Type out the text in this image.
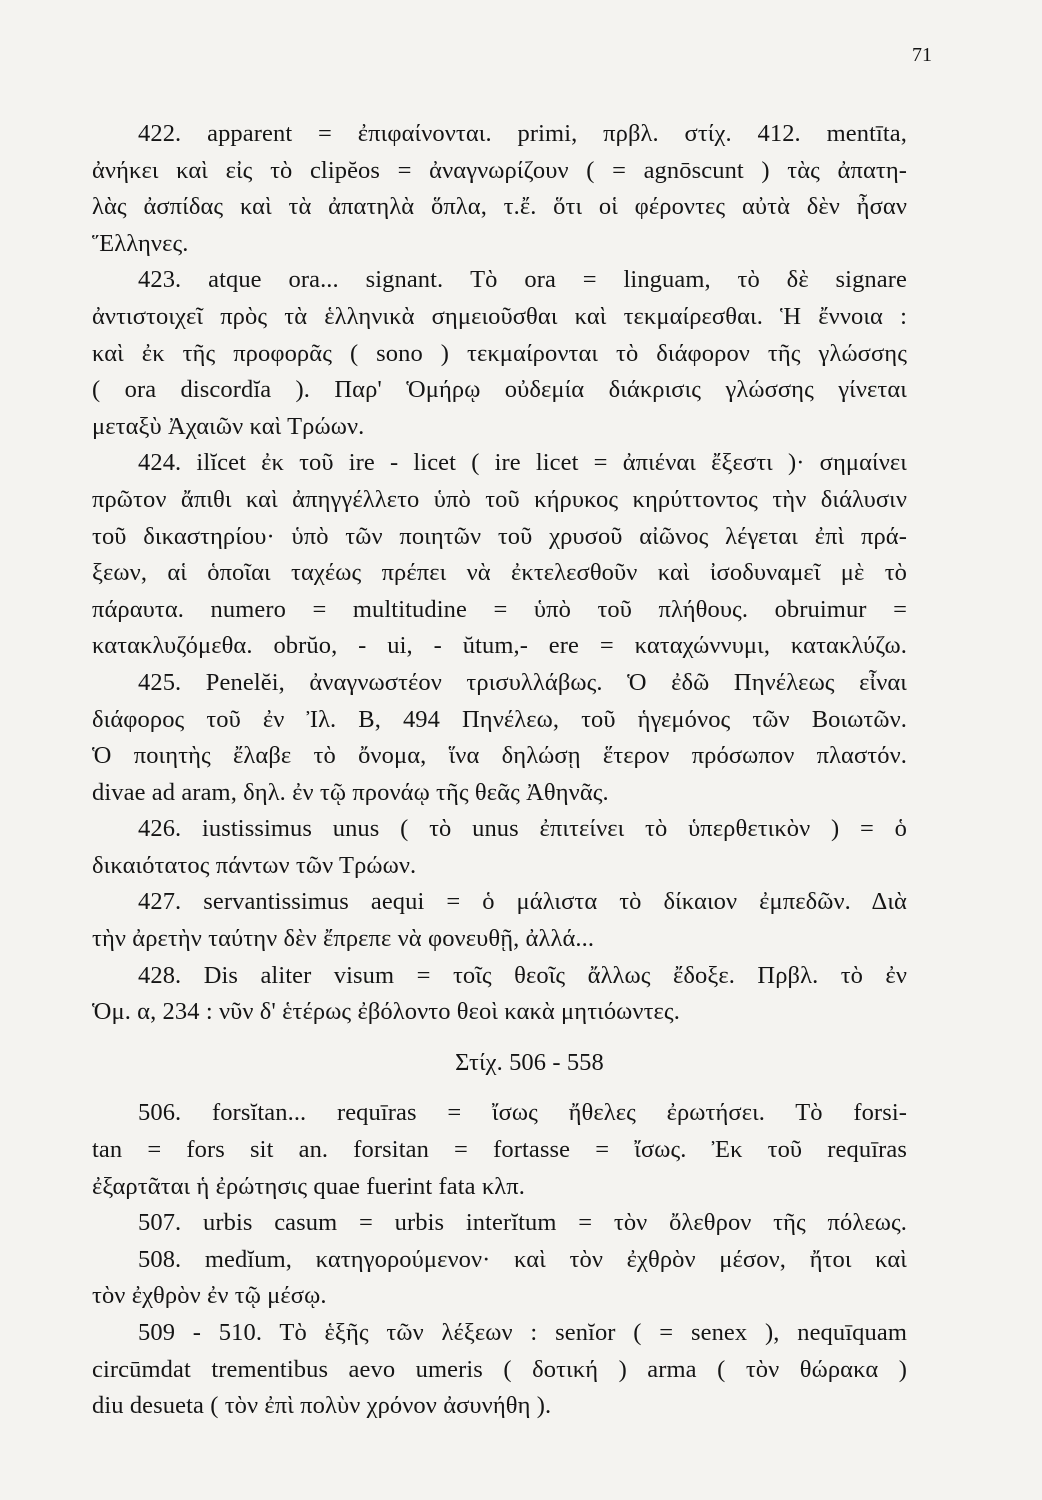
71
422. apparent = ἐπιφαίνονται. primi, πρβλ. στίχ. 412. mentīta,
ἀνήκει καὶ εἰς τὸ clipĕos = ἀναγνωρίζουν ( = agnōscunt ) τὰς ἀπατη-
λὰς ἀσπίδας καὶ τὰ ἀπατηλὰ ὅπλα, τ.ἔ. ὅτι οἱ φέροντες αὐτὰ δὲν ἦσαν
Ἕλληνες.
423. atque ora... signant. Τὸ ora = linguam, τὸ δὲ signare
ἀντιστοιχεῖ πρὸς τὰ ἑλληνικὰ σημειοῦσθαι καὶ τεκμαίρεσθαι. Ἡ ἔννοια :
καὶ ἐκ τῆς προφορᾶς ( sono ) τεκμαίρονται τὸ διάφορον τῆς γλώσσης
( ora discordĭa ). Παρ' Ὁμήρῳ οὐδεμία διάκρισις γλώσσης γίνεται
μεταξὺ Ἀχαιῶν καὶ Τρώων.
424. ilĭcet ἐκ τοῦ ire - licet ( ire licet = ἀπιέναι ἔξεστι )· σημαίνει
πρῶτον ἄπιθι καὶ ἀπηγγέλλετο ὑπὸ τοῦ κήρυκος κηρύττοντος τὴν διάλυσιν
τοῦ δικαστηρίου· ὑπὸ τῶν ποιητῶν τοῦ χρυσοῦ αἰῶνος λέγεται ἐπὶ πρά-
ξεων, αἱ ὁποῖαι ταχέως πρέπει νὰ ἐκτελεσθοῦν καὶ ἰσοδυναμεῖ μὲ τὸ
πάραυτα. numero = multitudine = ὑπὸ τοῦ πλήθους. obruimur =
κατακλυζόμεθα. obrŭo, - ui, - ŭtum,- ere = καταχώννυμι, κατακλύζω.
425. Penelĕi, ἀναγνωστέον τρισυλλάβως. Ὁ ἐδῶ Πηνέλεως εἶναι
διάφορος τοῦ ἐν Ἰλ. Β, 494 Πηνέλεω, τοῦ ἡγεμόνος τῶν Βοιωτῶν.
Ὁ ποιητὴς ἔλαβε τὸ ὄνομα, ἵνα δηλώσῃ ἕτερον πρόσωπον πλαστόν.
divae ad aram, δηλ. ἐν τῷ προνάῳ τῆς θεᾶς Ἀθηνᾶς.
426. iustissimus unus ( τὸ unus ἐπιτείνει τὸ ὑπερθετικὸν ) = ὁ
δικαιότατος πάντων τῶν Τρώων.
427. servantissimus aequi = ὁ μάλιστα τὸ δίκαιον ἐμπεδῶν. Διὰ
τὴν ἀρετὴν ταύτην δὲν ἔπρεπε νὰ φονευθῇ, ἀλλά...
428. Dis aliter visum = τοῖς θεοῖς ἄλλως ἔδοξε. Πρβλ. τὸ ἐν
Ὁμ. α, 234 : νῦν δ' ἑτέρως ἐβόλοντο θεοὶ κακὰ μητιόωντες.
Στίχ. 506 - 558
506. forsĭtan... requīras = ἴσως ἤθελες ἐρωτήσει. Τὸ forsi-
tan = fors sit an. forsitan = fortasse = ἴσως. Ἐκ τοῦ requīras
ἐξαρτᾶται ἡ ἐρώτησις quae fuerint fata κλπ.
507. urbis casum = urbis interĭtum = τὸν ὄλεθρον τῆς πόλεως.
508. medĭum, κατηγορούμενον· καὶ τὸν ἐχθρὸν μέσον, ἤτοι καὶ
τὸν ἐχθρὸν ἐν τῷ μέσῳ.
509 - 510. Τὸ ἑξῆς τῶν λέξεων : senĭor ( = senex ), nequīquam
circūmdat trementibus aevo umeris ( δοτική ) arma ( τὸν θώρακα )
diu desueta ( τὸν ἐπὶ πολὺν χρόνον ἀσυνήθη ).
